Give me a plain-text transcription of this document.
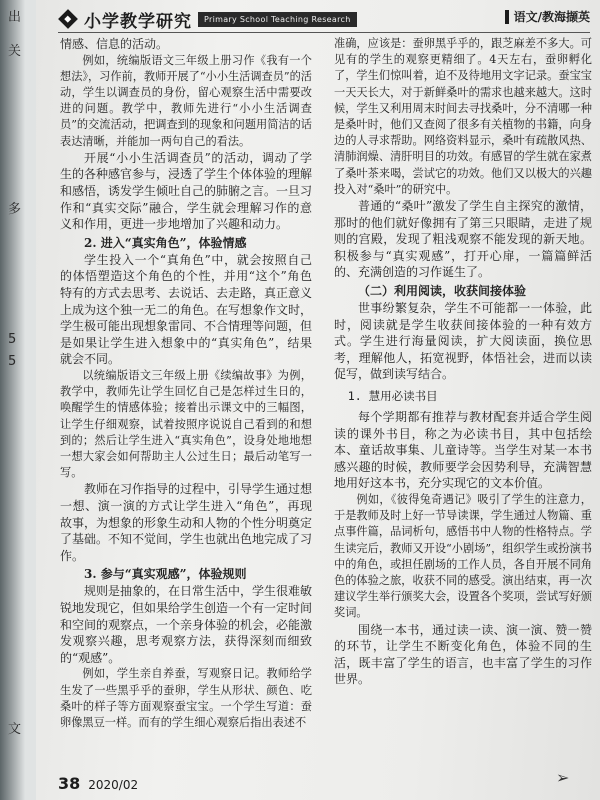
出
关
多
5
5
文
◆ 小学教学研究	Primary School Teaching Research	语文/教海撷英

情感、信息的活动。

例如，统编版语文三年级上册习作《我有一个想法》，习作前，教师开展了“小小生活调查员”的活动，学生以调查员的身份，留心观察生活中需要改进的问题。教学中，教师先进行“小小生活调查员”的交流活动，把调查到的现象和问题用简洁的话表达清晰，并能加一两句自己的看法。

开展“小小生活调查员”的活动，调动了学生的各种感官参与，浸透了学生个体体验的理解和感悟，诱发学生倾吐自己的肺腑之言。一旦习作和“真实交际”融合，学生就会理解习作的意义和作用，更进一步地增加了兴趣和动力。

2. 进入“真实角色”，体验情感

学生投入一个“真角色”中，就会按照自己的体悟塑造这个角色的个性，并用“这个”角色特有的方式去思考、去说话、去走路，真正意义上成为这个独一无二的角色。在写想象作文时，学生极可能出现想象雷同、不合情理等问题，但是如果让学生进入想象中的“真实角色”，结果就会不同。

以统编版语文三年级上册《续编故事》为例，教学中，教师先让学生回忆自己是怎样过生日的，唤醒学生的情感体验；接着出示课文中的三幅图，让学生仔细观察，试着按照序说说自己看到的和想到的；然后让学生进入“真实角色”，设身处地地想一想大家会如何帮助主人公过生日；最后动笔写一写。

教师在习作指导的过程中，引导学生通过想一想、演一演的方式让学生进入“角色”，再现故事，为想象的形象生动和人物的个性分明奠定了基础。不知不觉间，学生也就出色地完成了习作。

3. 参与“真实观感”，体验规则

规则是抽象的，在日常生活中，学生很难敏锐地发现它，但如果给学生创造一个有一定时间和空间的观察点，一个亲身体验的机会，必能激发观察兴趣，思考观察方法，获得深刻而细致的“观感”。

例如，学生亲自养蚕，写观察日记。教师给学生发了一些黑乎乎的蚕卵，学生从形状、颜色、吃桑叶的样子等方面观察蚕宝宝。一个学生写道：蚕卵像黑豆一样。而有的学生细心观察后指出表述不

准确，应该是：蚕卵黑乎乎的，跟芝麻差不多大。可见有的学生的观察更精细了。4天左右，蚕卵孵化了，学生们惊叫着，迫不及待地用文字记录。蚕宝宝一天天长大，对于新鲜桑叶的需求也越来越大。这时候，学生又利用周末时间去寻找桑叶，分不清哪一种是桑叶时，他们又查阅了很多有关植物的书籍，向身边的人寻求帮助。网络资料显示，桑叶有疏散风热、清肺润燥、清肝明目的功效。有感冒的学生就在家煮了桑叶茶来喝，尝试它的功效。他们又以极大的兴趣投入对“桑叶”的研究中。

普通的“桑叶”激发了学生自主探究的激情，那时的他们就好像拥有了第三只眼睛，走进了规则的宫殿，发现了粗浅观察不能发现的新天地。积极参与“真实观感”，打开心扉，一篇篇鲜活的、充满创造的习作诞生了。

（二）利用阅读，收获间接体验

世事纷繁复杂，学生不可能都一一体验，此时，阅读就是学生收获间接体验的一种有效方式。学生进行海量阅读，扩大阅读面，换位思考，理解他人，拓宽视野，体悟社会，进而以读促写，做到读写结合。

1. 慧用必读书目

每个学期都有推荐与教材配套并适合学生阅读的课外书目，称之为必读书目，其中包括绘本、童话故事集、儿童诗等。当学生对某一本书感兴趣的时候，教师要学会因势利导，充满智慧地用好这本书，充分实现它的文本价值。

例如，《彼得兔奇遇记》吸引了学生的注意力，于是教师及时上好一节导读课，学生通过人物篇、重点事件篇，品词析句，感悟书中人物的性格特点。学生读完后，教师又开设“小剧场”，组织学生或扮演书中的角色，或担任剧场的工作人员，各自开展不同角色的体验之旅，收获不同的感受。演出结束，再一次建议学生举行颁奖大会，设置各个奖项，尝试写好颁奖词。

围绕一本书，通过读一读、演一演、赞一赞的环节，让学生不断变化角色，体验不同的生活，既丰富了学生的语言，也丰富了学生的习作世界。

38 2020/02	➢
